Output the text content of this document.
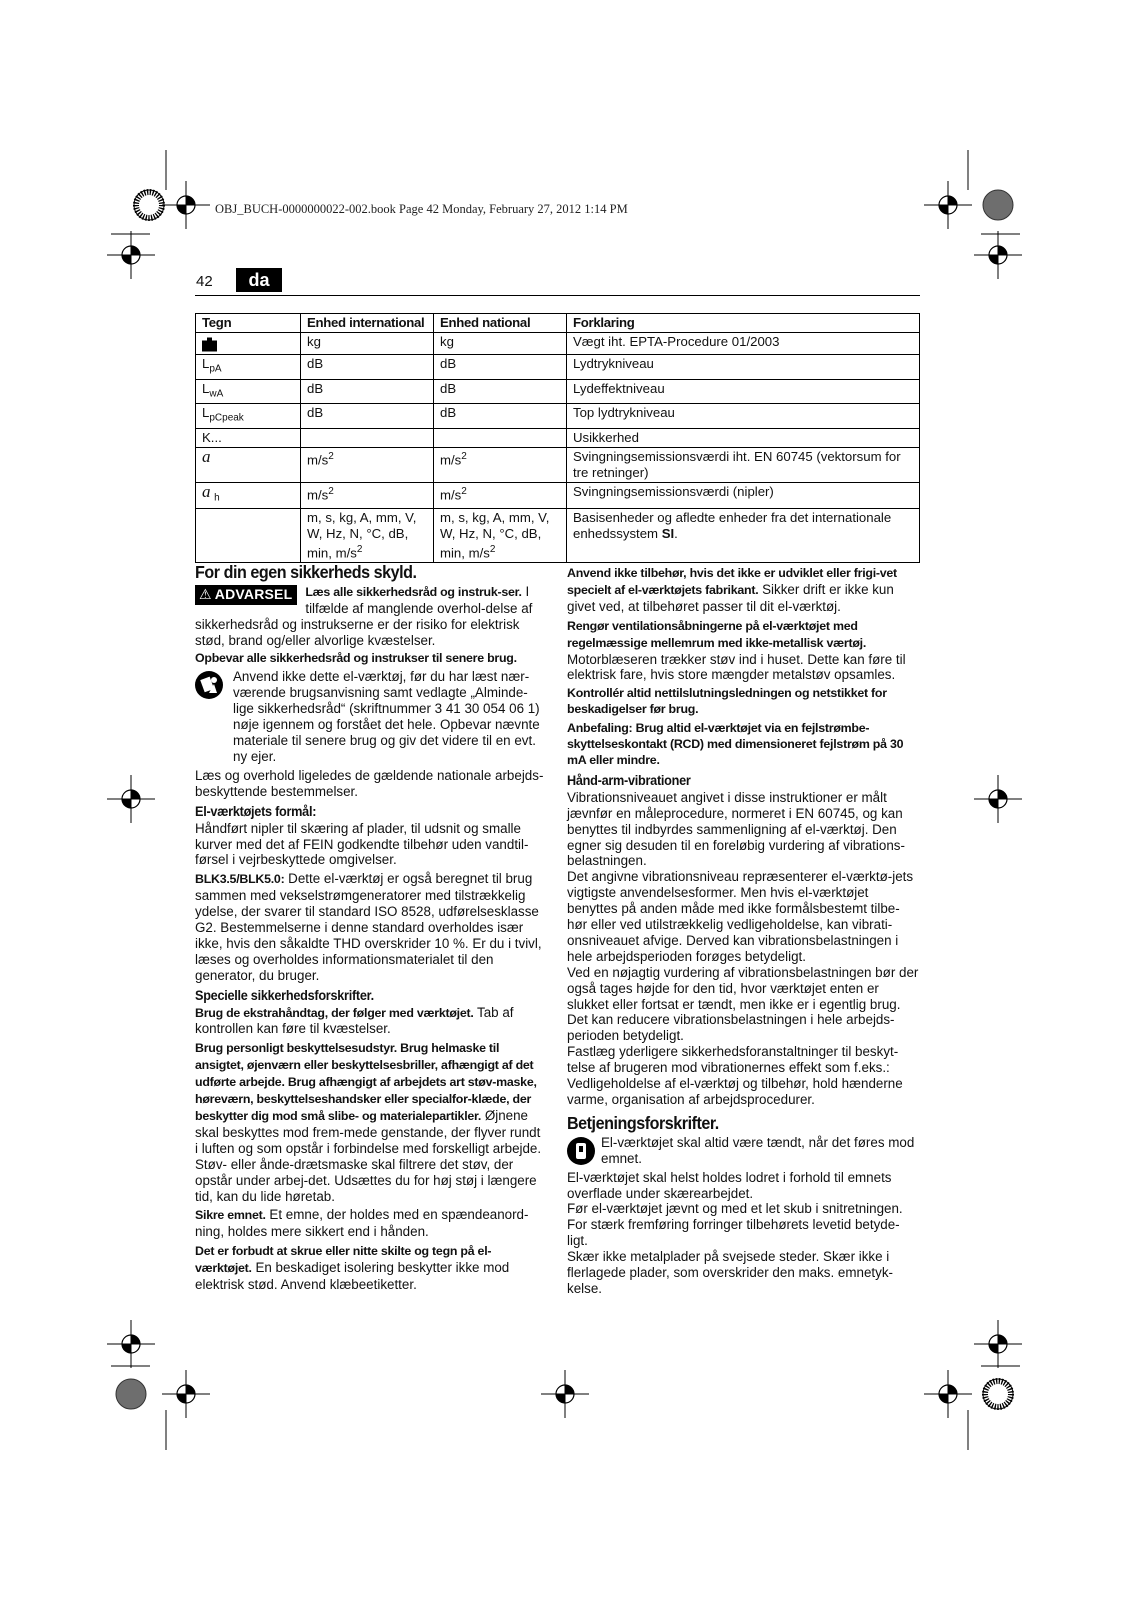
OBJ_BUCH-0000000022-002.book Page 42 Monday, February 27, 2012 1:14 PM
42	da
Tegn	Enhed international	Enhed national	Forklaring
	kg	kg	Vægt iht. EPTA-Procedure 01/2003
$L_{pA}$	dB	dB	Lydtrykniveau
$L_{wA}$	dB	dB	Lydeffektniveau
$L_{pCpeak}$	dB	dB	Top lydtrykniveau
K...			Usikkerhed
a	$m/s^2$	$m/s^2$	Svingningsemissionsværdi iht. EN 60745 (vektorsum for tre retninger)
a $_h$	$m/s^2$	$m/s^2$	Svingningsemissionsværdi (nipler)
	m, s, kg, A, mm, V, W, Hz, N, °C, dB, min, $m/s^2$	m, s, kg, A, mm, V, W, Hz, N, °C, dB, min, $m/s^2$	Basisenheder og afledte enheder fra det internationale enhedssystem SI.
For din egen sikkerheds skyld.
⚠ ADVARSEL	Læs alle sikkerhedsråd og instruk-ser. I tilfælde af manglende overhol-delse af sikkerhedsråd og instrukserne er der risiko for elektrisk stød, brand og/eller alvorlige kvæstelser.

Opbevar alle sikkerhedsråd og instrukser til senere brug.

Anvend ikke dette el-værktøj, før du har læst nær-værende brugsanvisning samt vedlagte „Alminde-lige sikkerhedsråd“ (skriftnummer 3 41 30 054 06 1) nøje igennem og forstået det hele. Opbevar nævnte materiale til senere brug og giv det videre til en evt. ny ejer.

Læs og overhold ligeledes de gældende nationale arbejds-beskyttende bestemmelser.

El-værktøjets formål:

Håndført nipler til skæring af plader, til udsnit og smalle kurver med det af FEIN godkendte tilbehør uden vandtil-førsel i vejrbeskyttede omgivelser.

BLK3.5/BLK5.0: Dette el-værktøj er også beregnet til brug sammen med vekselstrømgeneratorer med tilstrækkelig ydelse, der svarer til standard ISO 8528, udførelsesklasse G2. Bestemmelserne i denne standard overholdes især ikke, hvis den såkaldte THD overskrider 10 %. Er du i tvivl, læses og overholdes informationsmaterialet til den generator, du bruger.

Specielle sikkerhedsforskrifter.

Brug de ekstrahåndtag, der følger med værktøjet. Tab af kontrollen kan føre til kvæstelser.

Brug personligt beskyttelsesudstyr. Brug helmaske til ansigtet, øjenværn eller beskyttelsesbriller, afhængigt af det udførte arbejde. Brug afhængigt af arbejdets art støv-maske, høreværn, beskyttelseshandsker eller specialfor-klæde, der beskytter dig mod små slibe- og materialepartikler. Øjnene skal beskyttes mod frem-mede genstande, der flyver rundt i luften og som opstår i forbindelse med forskelligt arbejde. Støv- eller ånde-drætsmaske skal filtrere det støv, der opstår under arbej-det. Udsættes du for høj støj i længere tid, kan du lide høretab.

Sikre emnet. Et emne, der holdes med en spændeanord-ning, holdes mere sikkert end i hånden.

Det er forbudt at skrue eller nitte skilte og tegn på el-værktøjet. En beskadiget isolering beskytter ikke mod elektrisk stød. Anvend klæbeetiketter.

Anvend ikke tilbehør, hvis det ikke er udviklet eller frigi-vet specielt af el-værktøjets fabrikant. Sikker drift er ikke kun givet ved, at tilbehøret passer til dit el-værktøj.

Rengør ventilationsåbningerne på el-værktøjet med regelmæssige mellemrum med ikke-metallisk værtøj. Motorblæseren trækker støv ind i huset. Dette kan føre til elektrisk fare, hvis store mængder metalstøv opsamles.

Kontrollér altid nettilslutningsledningen og netstikket for beskadigelser før brug.

Anbefaling: Brug altid el-værktøjet via en fejlstrømbe-skyttelseskontakt (RCD) med dimensioneret fejlstrøm på 30 mA eller mindre.

Hånd-arm-vibrationer

Vibrationsniveauet angivet i disse instruktioner er målt jævnfør en måleprocedure, normeret i EN 60745, og kan benyttes til indbyrdes sammenligning af el-værktøj. Den egner sig desuden til en foreløbig vurdering af vibrations-belastningen.

Det angivne vibrationsniveau repræsenterer el-værktø-jets vigtigste anvendelsesformer. Men hvis el-værktøjet benyttes på anden måde med ikke formålsbestemt tilbe-hør eller ved utilstrækkelig vedligeholdelse, kan vibrati-onsniveauet afvige. Derved kan vibrationsbelastningen i hele arbejdsperioden forøges betydeligt.

Ved en nøjagtig vurdering af vibrationsbelastningen bør der også tages højde for den tid, hvor værktøjet enten er slukket eller fortsat er tændt, men ikke er i egentlig brug. Det kan reducere vibrationsbelastningen i hele arbejds-perioden betydeligt.

Fastlæg yderligere sikkerhedsforanstaltninger til beskyt-telse af brugeren mod vibrationernes effekt som f.eks.: Vedligeholdelse af el-værktøj og tilbehør, hold hænderne varme, organisation af arbejdsprocedurer.

Betjeningsforskrifter.

El-værktøjet skal altid være tændt, når det føres mod emnet.

El-værktøjet skal helst holdes lodret i forhold til emnets overflade under skærearbejdet.

Før el-værktøjet jævnt og med et let skub i snitretningen. For stærk fremføring forringer tilbehørets levetid betyde-ligt.

Skær ikke metalplader på svejsede steder. Skær ikke i flerlagede plader, som overskrider den maks. emnetyk-kelse.
